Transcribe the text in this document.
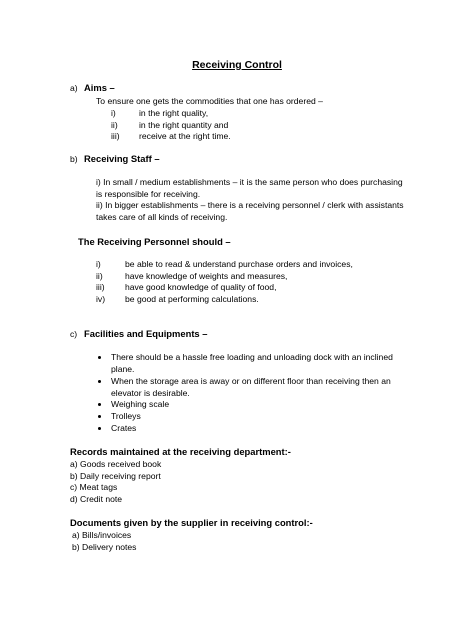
Receiving Control
a) Aims –
To ensure one gets the commodities that one has ordered –
i)	in the right quality,
ii) in the right quantity and
iii) receive at the right time.
b) Receiving Staff –
i) In small / medium establishments – it is the same person who does purchasing
is responsible for receiving.
ii) In bigger establishments – there is a receiving personnel / clerk with assistants
takes care of all kinds of receiving.
The Receiving Personnel should –
i)	be able to read & understand purchase orders and invoices,
ii)	have knowledge of weights and measures,
iii) have good knowledge of quality of food,
iv) be good at performing calculations.
c) Facilities and Equipments –
There should be a hassle free loading and unloading dock with an inclined
plane.
When the storage area is away or on different floor than receiving then an
elevator is desirable.
Weighing scale
Trolleys
Crates
Records maintained at the receiving department:-
a) Goods received book
b) Daily receiving report
c) Meat tags
d) Credit note
Documents given by the supplier in receiving control:-
a) Bills/invoices
b) Delivery notes
